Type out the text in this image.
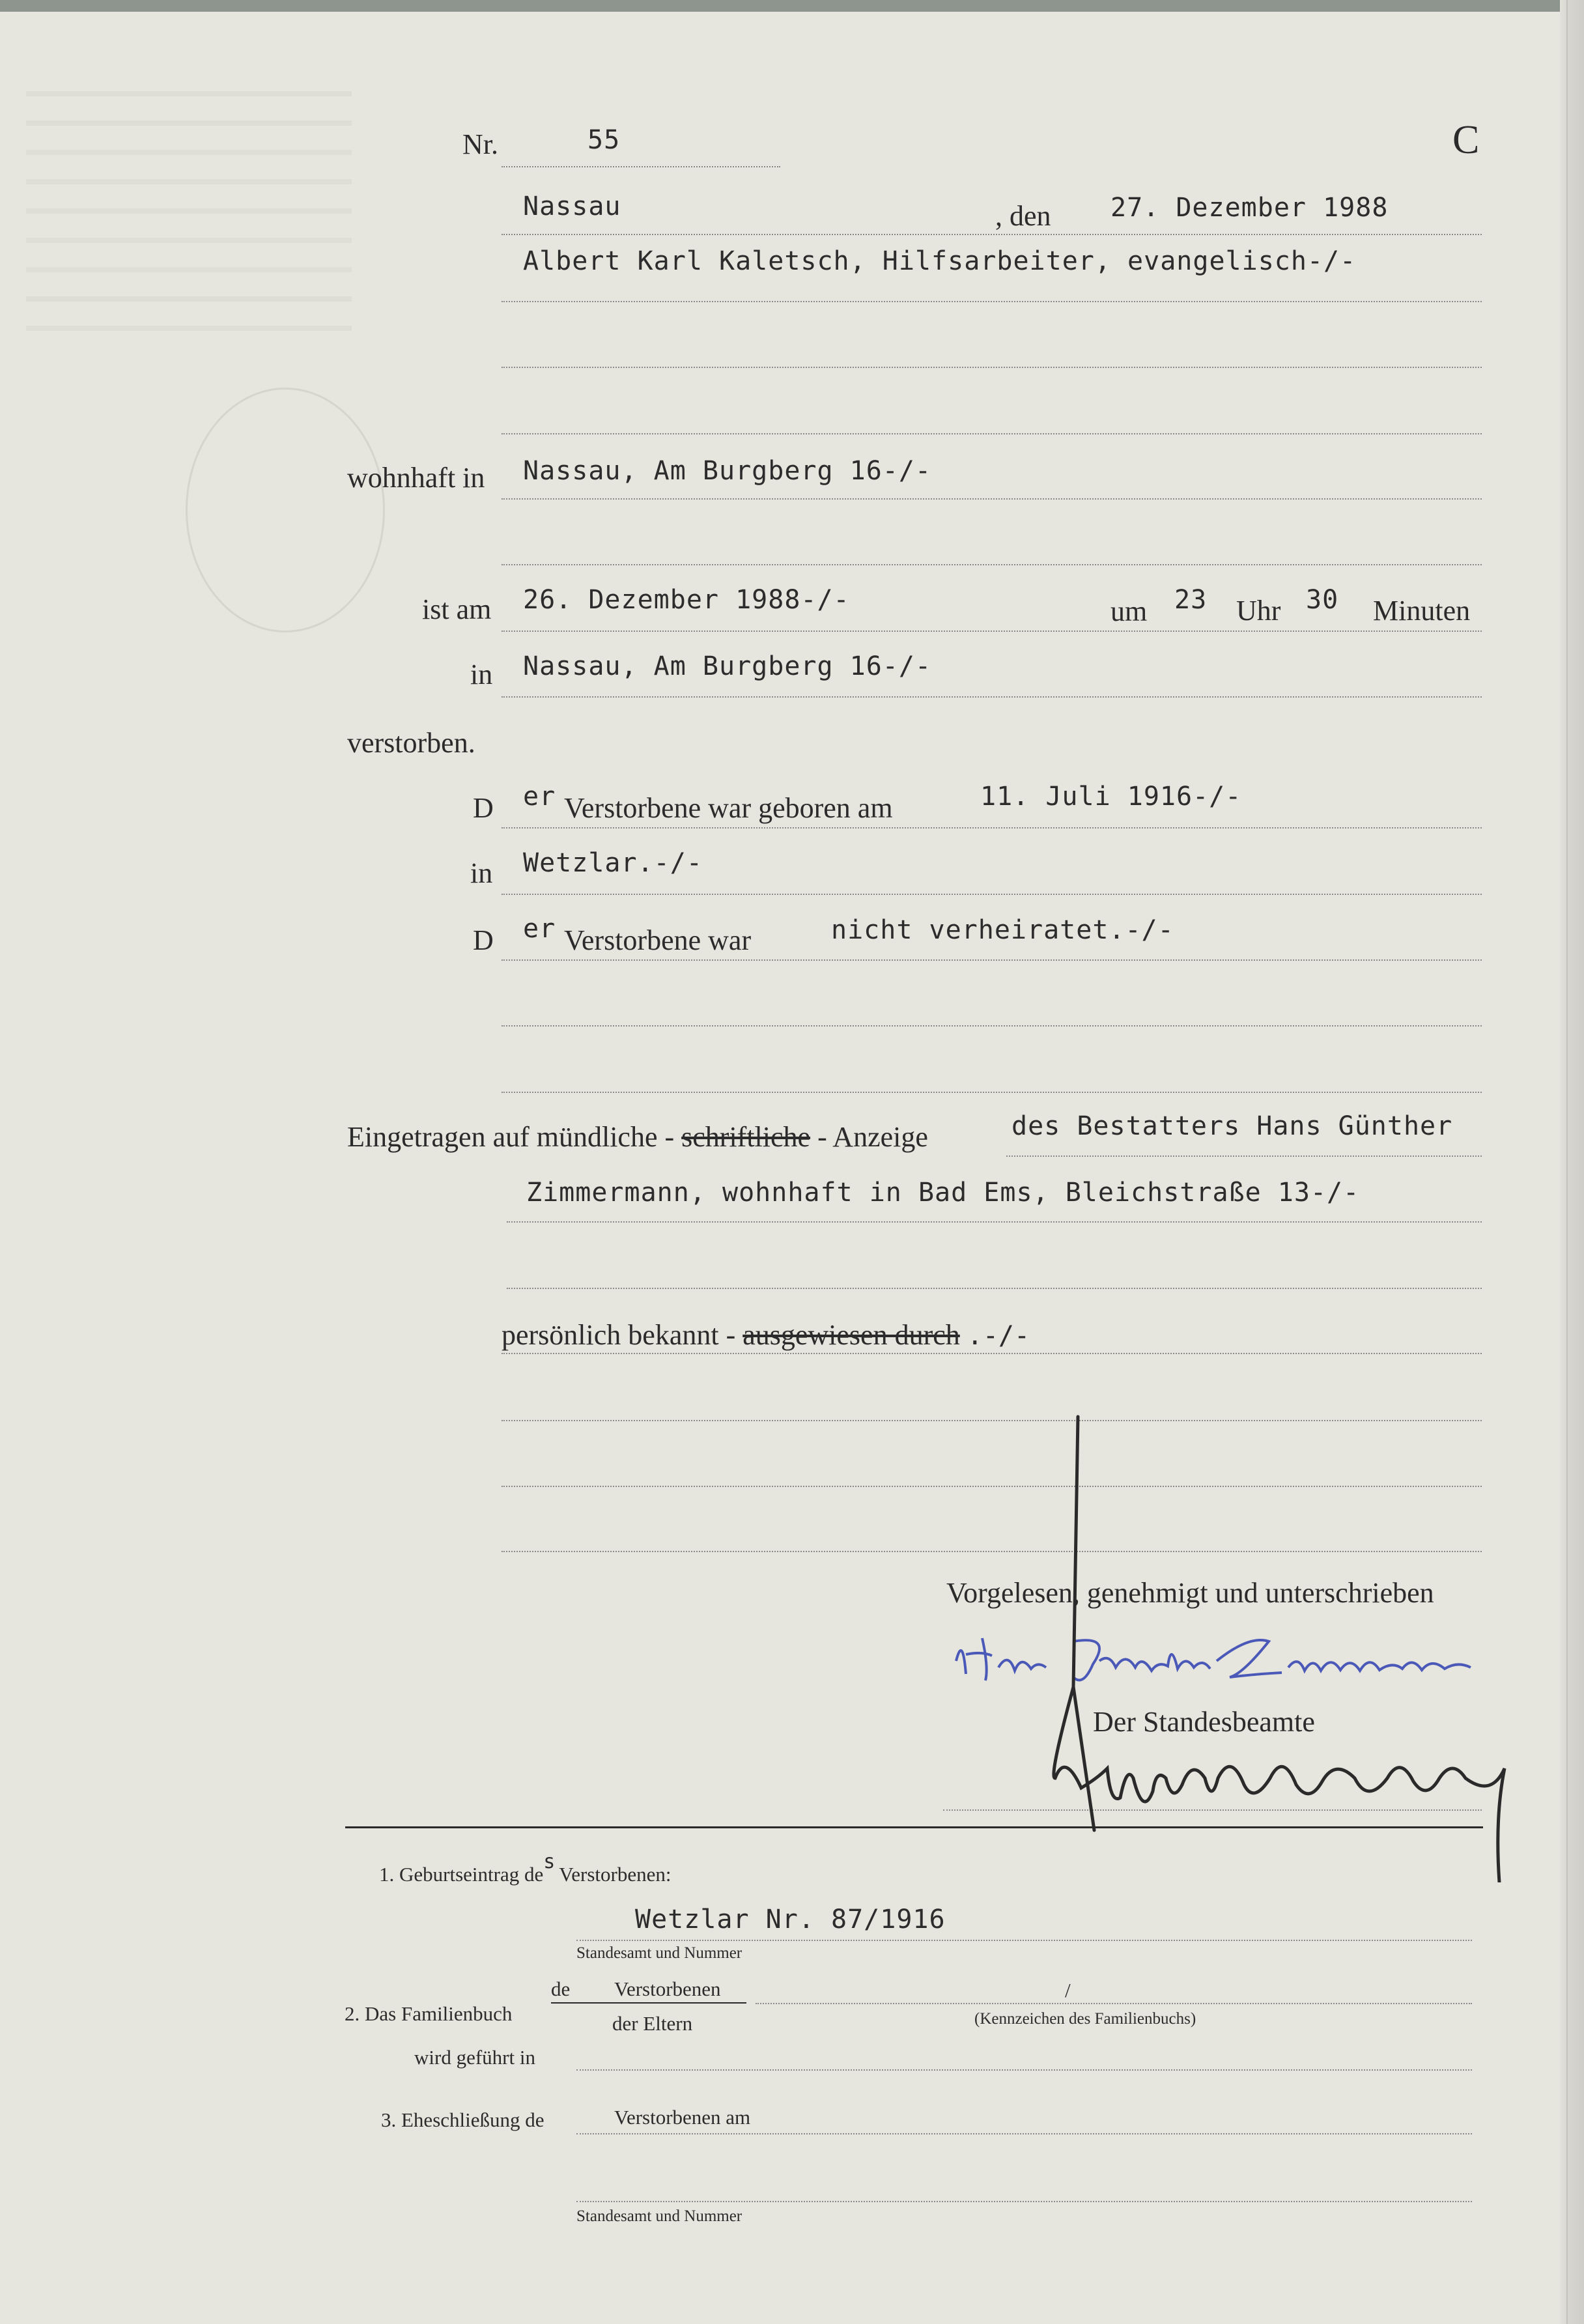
Nr.	55	C
Nassau	, den 27. Dezember 1988
Albert Karl Kaletsch, Hilfsarbeiter, evangelisch-/-
wohnhaft in Nassau, Am Burgberg 16-/-
ist am 26. Dezember 1988-/-	um 23 Uhr 30 Minuten
in Nassau, Am Burgberg 16-/-
verstorben.
D er Verstorbene war geboren am	11. Juli 1916-/-
in Wetzlar.-/-
D er Verstorbene war	nicht verheiratet.-/-
Eingetragen auf mündliche - schriftliche - Anzeige	des Bestatters Hans Günther
Zimmermann, wohnhaft in Bad Ems, Bleichstraße 13-/-
persönlich bekannt - ausgewiesen durch .-/-
Vorgelesen, genehmigt und unterschrieben
Der Standesbeamte
1. Geburtseintrag desVerstorbenen:
Wetzlar Nr. 87/1916
Standesamt und Nummer
2. Das Familienbuch
de Verstorbenen
der Eltern
/
(Kennzeichen des Familienbuchs)
wird geführt in
3. Eheschließung de	Verstorbenen am
Standesamt und Nummer
